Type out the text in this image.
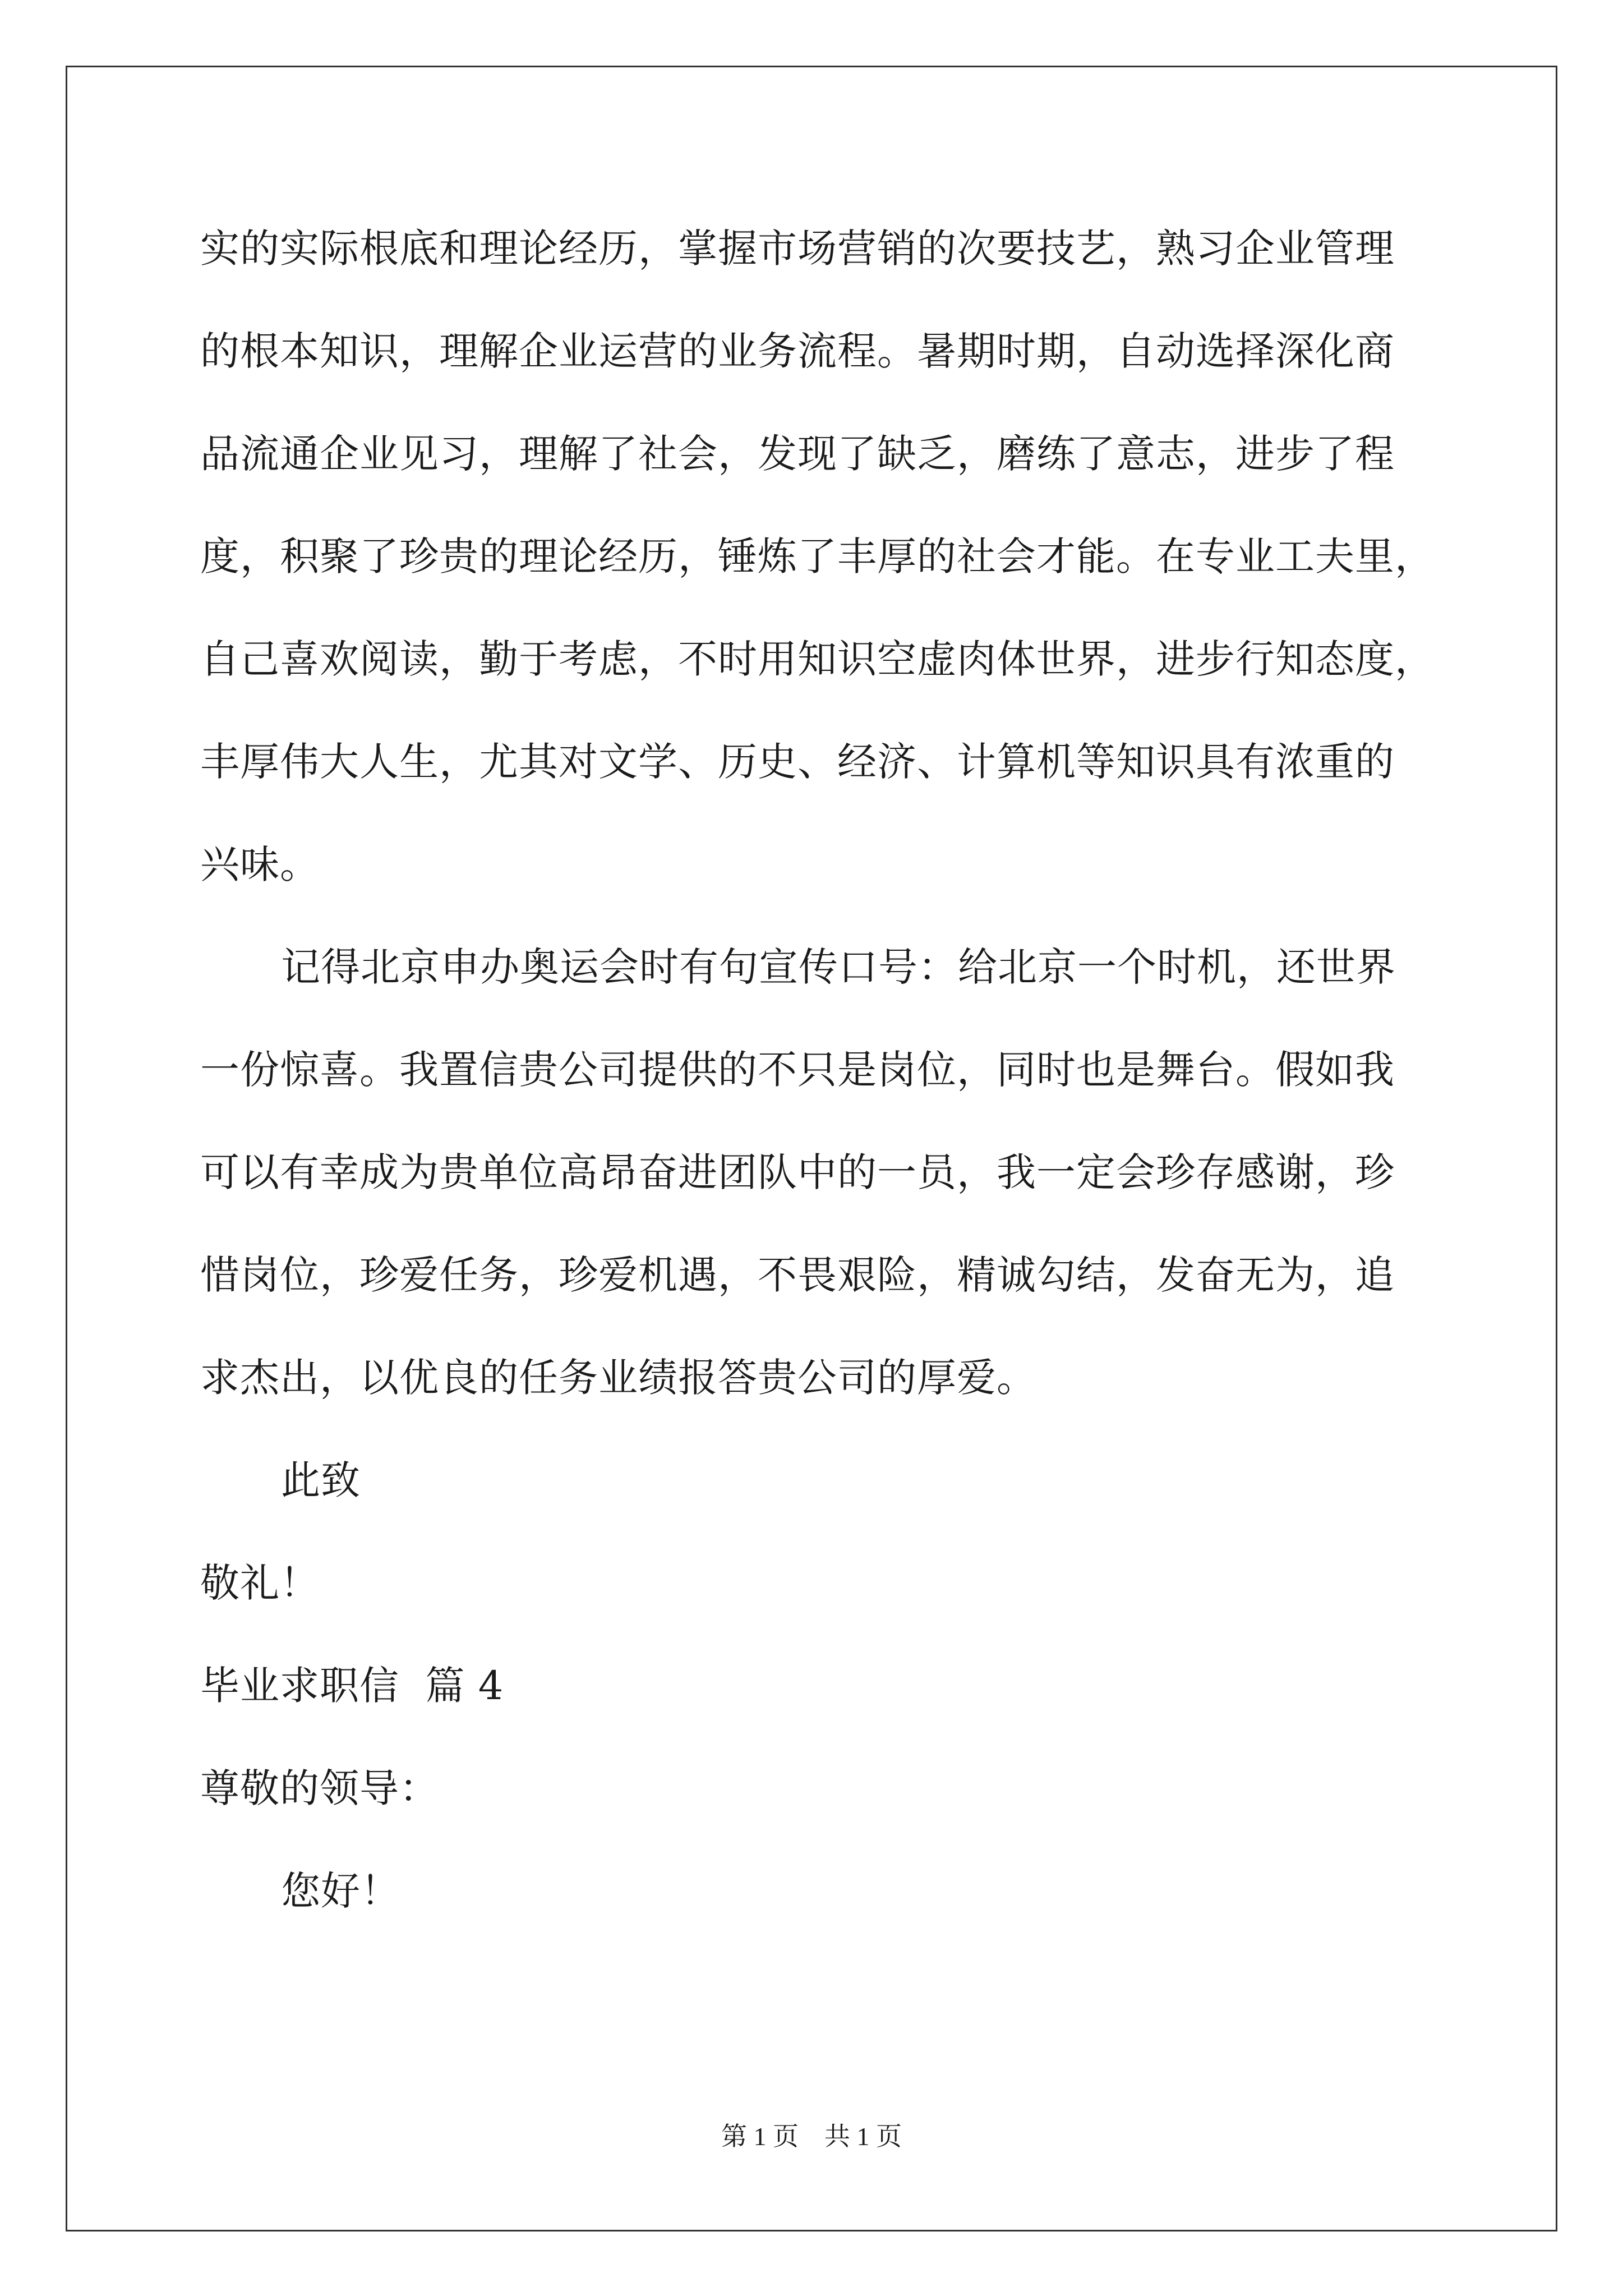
实的实际根底和理论经历，掌握市场营销的次要技艺，熟习企业管理

的根本知识，理解企业运营的业务流程。暑期时期，自动选择深化商

品流通企业见习，理解了社会，发现了缺乏，磨练了意志，进步了程

度，积聚了珍贵的理论经历，锤炼了丰厚的社会才能。在专业工夫里，

自己喜欢阅读，勤于考虑，不时用知识空虚肉体世界，进步行知态度，

丰厚伟大人生，尤其对文学、历史、经济、计算机等知识具有浓重的

兴味。

记得北京申办奥运会时有句宣传口号：给北京一个时机，还世界

一份惊喜。我置信贵公司提供的不只是岗位，同时也是舞台。假如我

可以有幸成为贵单位高昂奋进团队中的一员，我一定会珍存感谢，珍

惜岗位，珍爱任务，珍爱机遇，不畏艰险，精诚勾结，发奋无为，追

求杰出，以优良的任务业绩报答贵公司的厚爱。

此致

敬礼！

毕业求职信  篇 4

尊敬的领导：

您好！

第 1 页    共 1 页
